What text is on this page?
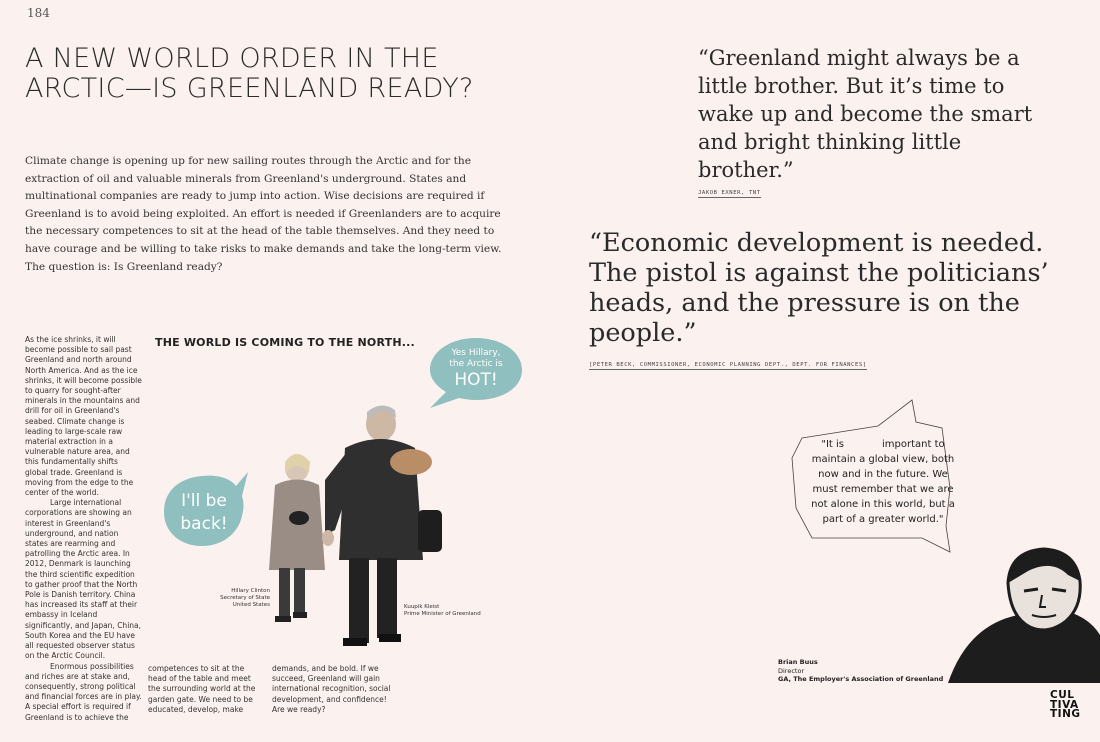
184
A NEW WORLD ORDER IN THE
ARCTIC—IS GREENLAND READY?
Climate change is opening up for new sailing routes through the Arctic and for the extraction of oil and valuable minerals from Greenland's underground. States and multinational companies are ready to jump into action. Wise decisions are required if Greenland is to avoid being exploited. An effort is needed if Greenlanders are to acquire the necessary competences to sit at the head of the table themselves. And they need to have courage and be willing to take risks to make demands and take the long-term view. The question is: Is Greenland ready?

“Greenland might always be a little brother. But it’s time to wake up and become the smart and bright thinking little brother.”

JAKOB EXNER, TNT

“Economic development is needed. The pistol is against the politicians’ heads, and the pressure is on the people.”

[PETER BECK, COMMISSIONER, ECONOMIC PLANNING DEPT., DEPT. FOR FINANCES]
THE WORLD IS COMING TO THE NORTH...

As the ice shrinks, it will become possible to sail past Greenland and north around North America. And as the ice shrinks, it will become possible to quarry for sought-after minerals in the mountains and drill for oil in Greenland's seabed. Climate change is leading to large-scale raw material extraction in a vulnerable nature area, and this fundamentally shifts global trade. Greenland is moving from the edge to the center of the world.

Large international corporations are showing an interest in Greenland's underground, and nation states are rearming and patrolling the Arctic area. In 2012, Denmark is launching the third scientific expedition to gather proof that the North Pole is Danish territory. China has increased its staff at their embassy in Iceland significantly, and Japan, China, South Korea and the EU have all requested observer status on the Arctic Council.

Enormous possibilities and riches are at stake and, consequently, strong political and financial forces are in play. A special effort is required if Greenland is to achieve the

competences to sit at the head of the table and meet the surrounding world at the garden gate. We need to be educated, develop, make
demands, and be bold. If we succeed, Greenland will gain international recognition, social development, and confidence! Are we ready?
Yes Hillary,
the Arctic is
HOT!
I'll be
back!
Hillary Clinton
Secretary of State
United States	Kuupik Kleist
Prime Minister of Greenland
"It is	important to maintain a global view, both now and in the future. We must remember that we are not alone in this world, but a part of a greater world."
Brian Buus
Director
GA, The Employer's Association of Greenland
CUL
TIVA
TING
